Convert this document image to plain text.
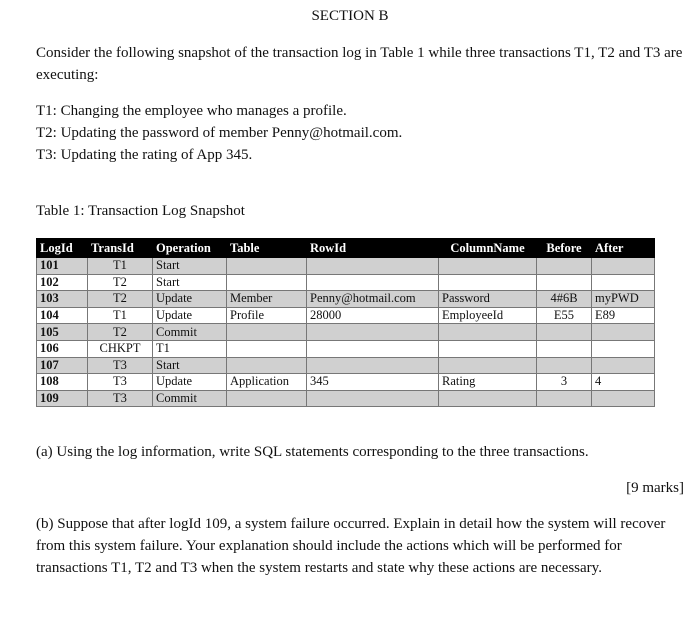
SECTION B
Consider the following snapshot of the transaction log in Table 1 while three transactions T1, T2 and T3 are executing:
T1: Changing the employee who manages a profile.
T2: Updating the password of member Penny@hotmail.com.
T3: Updating the rating of App 345.
Table 1: Transaction Log Snapshot
LogId	TransId	Operation	Table	RowId	ColumnName	Before	After
101	T1	Start					
102	T2	Start					
103	T2	Update	Member	Penny@hotmail.com	Password	4#6B	myPWD
104	T1	Update	Profile	28000	EmployeeId	E55	E89
105	T2	Commit					
106	CHKPT	T1					
107	T3	Start					
108	T3	Update	Application	345	Rating	3	4
109	T3	Commit					
(a) Using the log information, write SQL statements corresponding to the three transactions.
[9 marks]
(b) Suppose that after logId 109, a system failure occurred. Explain in detail how the system will recover from this system failure. Your explanation should include the actions which will be performed for transactions T1, T2 and T3 when the system restarts and state why these actions are necessary.
